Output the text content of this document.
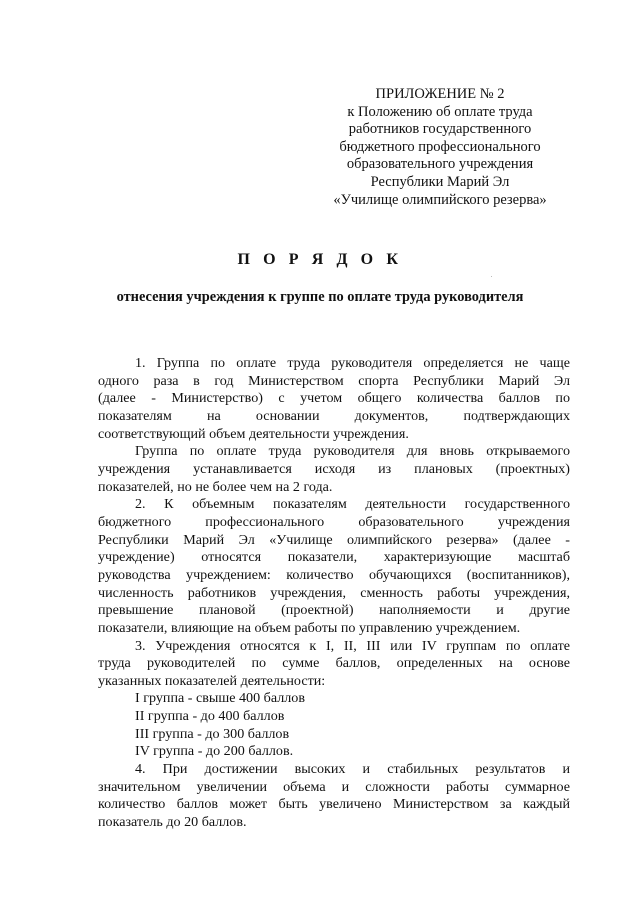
ПРИЛОЖЕНИЕ № 2
к Положению об оплате труда
работников государственного
бюджетного профессионального
образовательного учреждения
Республики Марий Эл
«Училище олимпийского резерва»
П О Р Я Д О К
отнесения учреждения к группе по оплате труда руководителя
1. Группа по оплате труда руководителя определяется не чаще
одного раза в год Министерством спорта Республики Марий Эл
(далее - Министерство) с учетом общего количества баллов по
показателям на основании документов, подтверждающих
соответствующий объем деятельности учреждения.
Группа по оплате труда руководителя для вновь открываемого
учреждения устанавливается исходя из плановых (проектных)
показателей, но не более чем на 2 года.
2. К объемным показателям деятельности государственного
бюджетного профессионального образовательного учреждения
Республики Марий Эл «Училище олимпийского резерва» (далее -
учреждение) относятся показатели, характеризующие масштаб
руководства учреждением: количество обучающихся (воспитанников),
численность работников учреждения, сменность работы учреждения,
превышение плановой (проектной) наполняемости и другие
показатели, влияющие на объем работы по управлению учреждением.
3. Учреждения относятся к I, II, III или IV группам по оплате
труда руководителей по сумме баллов, определенных на основе
указанных показателей деятельности:
I группа - свыше 400 баллов
II группа - до 400 баллов
III группа - до 300 баллов
IV группа - до 200 баллов.
4. При достижении высоких и стабильных результатов и
значительном увеличении объема и сложности работы суммарное
количество баллов может быть увеличено Министерством за каждый
показатель до 20 баллов.
